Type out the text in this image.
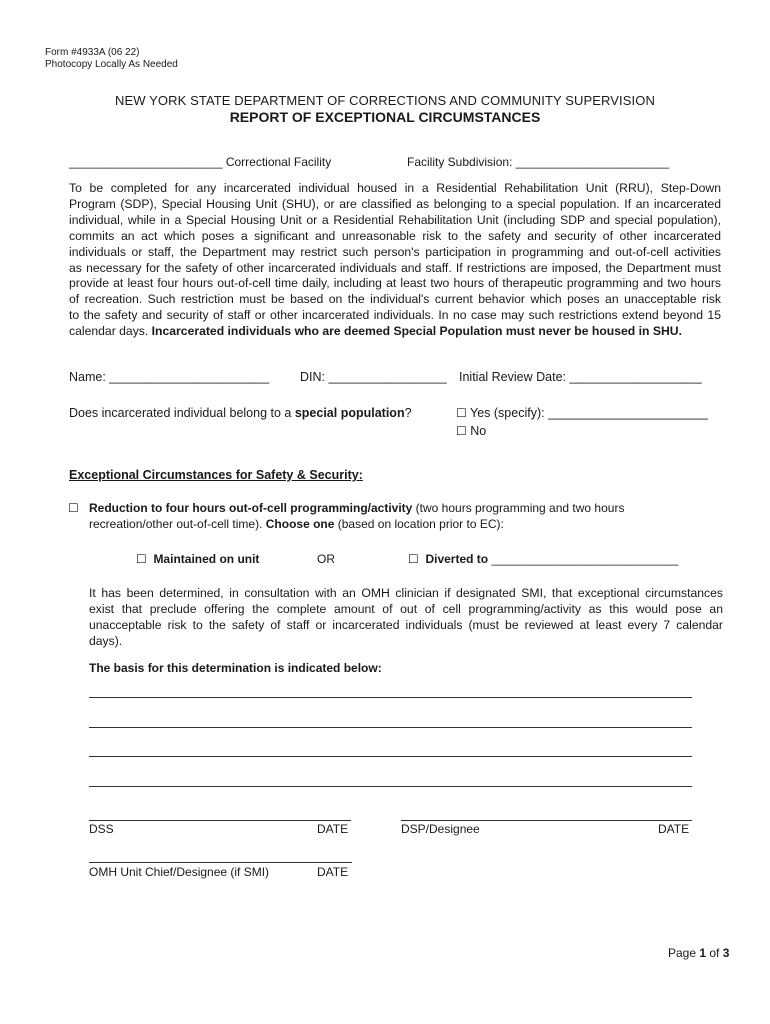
Form #4933A (06 22)
Photocopy Locally As Needed
NEW YORK STATE DEPARTMENT OF CORRECTIONS AND COMMUNITY SUPERVISION
REPORT OF EXCEPTIONAL CIRCUMSTANCES
_______________________ Correctional Facility	Facility Subdivision: _______________________
To be completed for any incarcerated individual housed in a Residential Rehabilitation Unit (RRU), Step-Down
Program (SDP), Special Housing Unit (SHU), or are classified as belonging to a special population. If an incarcerated
individual, while in a Special Housing Unit or a Residential Rehabilitation Unit (including SDP and special population),
commits an act which poses a significant and unreasonable risk to the safety and security of other incarcerated
individuals or staff, the Department may restrict such person's participation in programming and out-of-cell activities
as necessary for the safety of other incarcerated individuals and staff. If restrictions are imposed, the Department must
provide at least four hours out-of-cell time daily, including at least two hours of therapeutic programming and two hours
of recreation. Such restriction must be based on the individual's current behavior which poses an unacceptable risk
to the safety and security of staff or other incarcerated individuals. In no case may such restrictions extend beyond 15
calendar days. Incarcerated individuals who are deemed Special Population must never be housed in SHU.
Name: _______________________ DIN: _________________ Initial Review Date: ___________________
Does incarcerated individual belong to a special population?	☐ Yes (specify): _______________________
☐ No
Exceptional Circumstances for Safety & Security:
☐ Reduction to four hours out-of-cell programming/activity (two hours programming and two hours
recreation/other out-of-cell time). Choose one (based on location prior to EC):
☐ Maintained on unit	OR	☐ Diverted to ____________________________
It has been determined, in consultation with an OMH clinician if designated SMI, that exceptional circumstances
exist that preclude offering the complete amount of out of cell programming/activity as this would pose an
unacceptable risk to the safety of staff or incarcerated individuals (must be reviewed at least every 7 calendar
days).
The basis for this determination is indicated below:
DSS	DATE	DSP/Designee	DATE
OMH Unit Chief/Designee (if SMI)	DATE
Page 1 of 3
